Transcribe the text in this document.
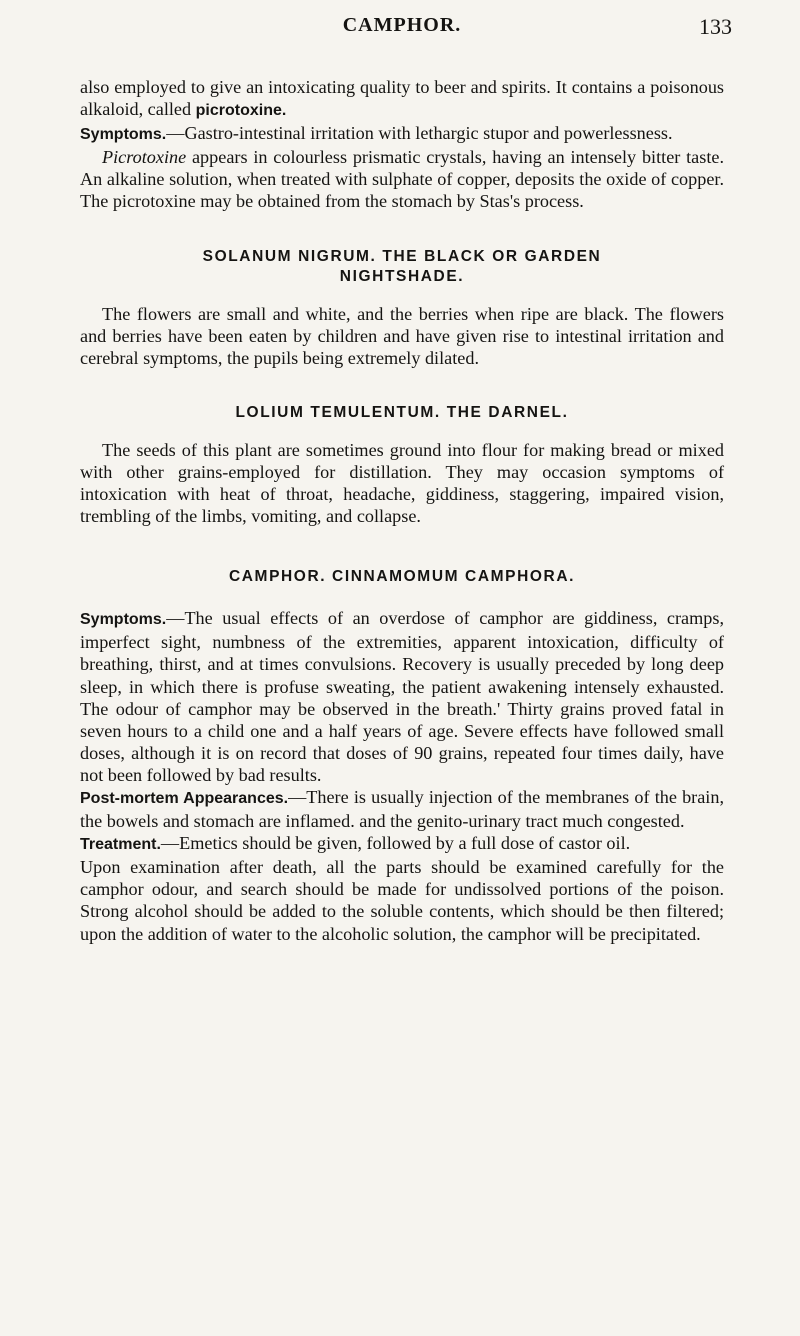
CAMPHOR.	133

also employed to give an intoxicating quality to beer and spirits. It contains a poisonous alkaloid, called picrotoxine.

Symptoms.—Gastro-intestinal irritation with lethargic stupor and powerlessness.

Picrotoxine appears in colourless prismatic crystals, having an intensely bitter taste. An alkaline solution, when treated with sulphate of copper, deposits the oxide of copper. The picrotoxine may be obtained from the stomach by Stas's process.

SOLANUM NIGRUM. THE BLACK OR GARDEN
NIGHTSHADE.

The flowers are small and white, and the berries when ripe are black. The flowers and berries have been eaten by children and have given rise to intestinal irritation and cerebral symptoms, the pupils being extremely dilated.

LOLIUM TEMULENTUM. THE DARNEL.

The seeds of this plant are sometimes ground into flour for making bread or mixed with other grains-employed for distillation. They may occasion symptoms of intoxication with heat of throat, headache, giddiness, staggering, impaired vision, trembling of the limbs, vomiting, and collapse.

CAMPHOR. CINNAMOMUM CAMPHORA.

Symptoms.—The usual effects of an overdose of camphor are giddiness, cramps, imperfect sight, numbness of the extremities, apparent intoxication, difficulty of breathing, thirst, and at times convulsions. Recovery is usually preceded by long deep sleep, in which there is profuse sweating, the patient awakening intensely exhausted. The odour of camphor may be observed in the breath.' Thirty grains proved fatal in seven hours to a child one and a half years of age. Severe effects have followed small doses, although it is on record that doses of 90 grains, repeated four times daily, have not been followed by bad results.

Post-mortem Appearances.—There is usually injection of the membranes of the brain, the bowels and stomach are inflamed. and the genito-urinary tract much congested.

Treatment.—Emetics should be given, followed by a full dose of castor oil.

Upon examination after death, all the parts should be examined carefully for the camphor odour, and search should be made for undissolved portions of the poison. Strong alcohol should be added to the soluble contents, which should be then filtered; upon the addition of water to the alcoholic solution, the camphor will be precipitated.
